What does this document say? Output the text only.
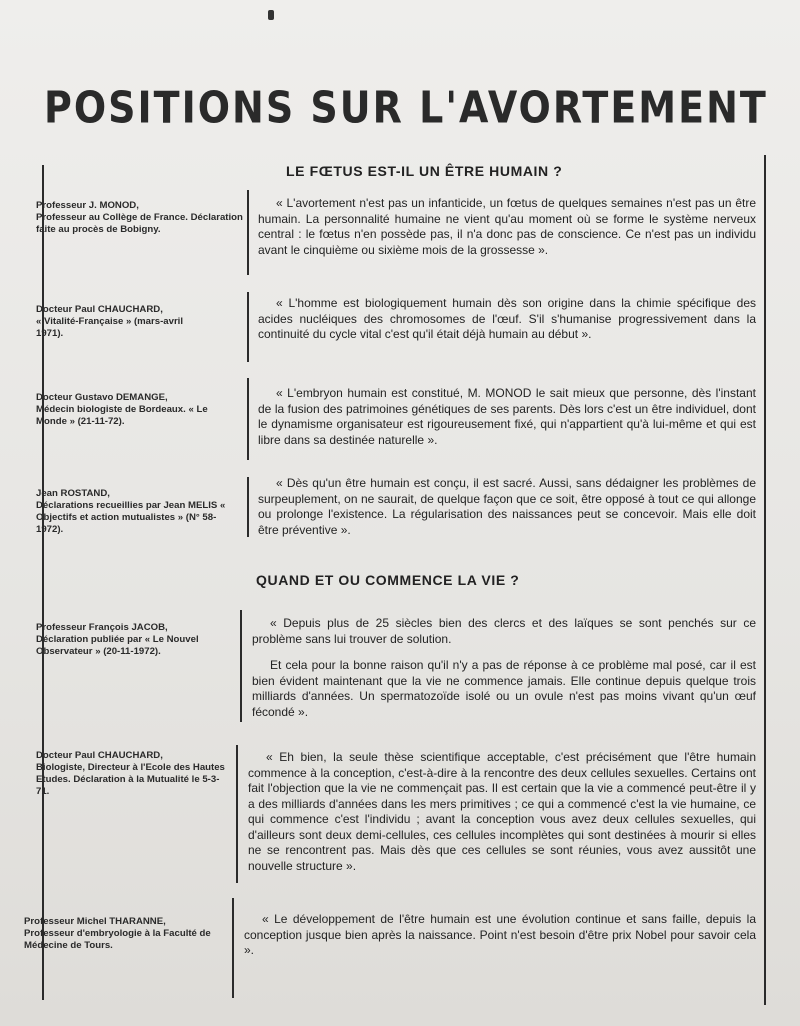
POSITIONS SUR L'AVORTEMENT
LE FŒTUS EST-IL UN ÊTRE HUMAIN ?
Professeur J. MONOD,
Professeur au Collège de France. Déclaration faite au procès de Bobigny.

« L'avortement n'est pas un infanticide, un fœtus de quelques semaines n'est pas un être humain. La personnalité humaine ne vient qu'au moment où se forme le système nerveux central : le fœtus n'en possède pas, il n'a donc pas de conscience. Ce n'est pas un individu avant le cinquième ou sixième mois de la grossesse ».

Docteur Paul CHAUCHARD,
« Vitalité-Française » (mars-avril 1971).

« L'homme est biologiquement humain dès son origine dans la chimie spécifique des acides nucléiques des chromosomes de l'œuf. S'il s'humanise progressivement dans la continuité du cycle vital c'est qu'il était déjà humain au début ».

Docteur Gustavo DEMANGE,
Médecin biologiste de Bordeaux. « Le Monde » (21-11-72).

« L'embryon humain est constitué, M. MONOD le sait mieux que personne, dès l'instant de la fusion des patrimoines génétiques de ses parents. Dès lors c'est un être individuel, dont le dynamisme organisateur est rigoureusement fixé, qui n'appartient qu'à lui-même et qui est libre dans sa destinée naturelle ».

Jean ROSTAND,
Déclarations recueillies par Jean MELIS « Objectifs et action mutualistes » (N° 58-1972).

« Dès qu'un être humain est conçu, il est sacré. Aussi, sans dédaigner les problèmes de surpeuplement, on ne saurait, de quelque façon que ce soit, être opposé à tout ce qui allonge ou prolonge l'existence. La régularisation des naissances peut se concevoir. Mais elle doit être préventive ».

QUAND ET OU COMMENCE LA VIE ?
Professeur François JACOB,
Déclaration publiée par « Le Nouvel Observateur » (20-11-1972).

« Depuis plus de 25 siècles bien des clercs et des laïques se sont penchés sur ce problème sans lui trouver de solution.

Et cela pour la bonne raison qu'il n'y a pas de réponse à ce problème mal posé, car il est bien évident maintenant que la vie ne commence jamais. Elle continue depuis quelque trois milliards d'années. Un spermatozoïde isolé ou un ovule n'est pas moins vivant qu'un œuf fécondé ».

Docteur Paul CHAUCHARD,
Biologiste, Directeur à l'Ecole des Hautes Etudes. Déclaration à la Mutualité le 5-3-71.

« Eh bien, la seule thèse scientifique acceptable, c'est précisément que l'être humain commence à la conception, c'est-à-dire à la rencontre des deux cellules sexuelles. Certains ont fait l'objection que la vie ne commençait pas. Il est certain que la vie a commencé peut-être il y a des milliards d'années dans les mers primitives ; ce qui a commencé c'est la vie humaine, ce qui commence c'est l'individu ; avant la conception vous avez deux cellules sexuelles, qui d'ailleurs sont deux demi-cellules, ces cellules incomplètes qui sont destinées à mourir si elles ne se rencontrent pas. Mais dès que ces cellules se sont réunies, vous avez aussitôt une nouvelle structure ».

Professeur Michel THARANNE,
Professeur d'embryologie à la Faculté de Médecine de Tours.

« Le développement de l'être humain est une évolution continue et sans faille, depuis la conception jusque bien après la naissance. Point n'est besoin d'être prix Nobel pour savoir cela ».
